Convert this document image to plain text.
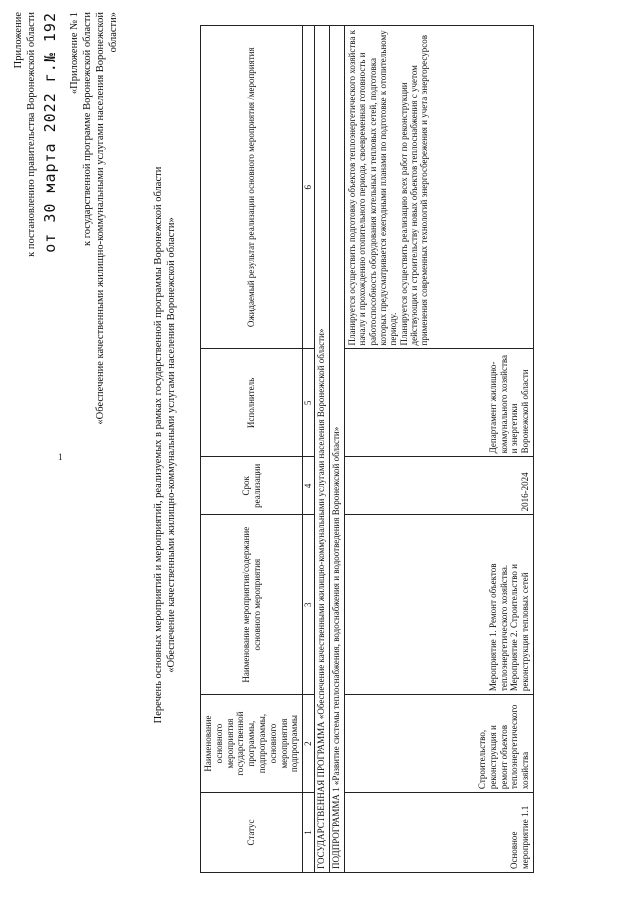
1
Приложение к постановлению правительства Воронежской области от 30 марта 2022 г.№ 192 «Приложение № 1 к государственной программе Воронежской области «Обеспечение качественными жилищно-коммунальными услугами населения Воронежской области»
Перечень основных мероприятий и мероприятий, реализуемых в рамках государственной программы Воронежской области «Обеспечение качественными жилищно-коммунальными услугами населения Воронежской области»
Статус	Наименование основного мероприятия государственной программы, подпрограммы, основного мероприятия подпрограммы	Наименование мероприятия/содержание основного мероприятия	Срок реализации	Исполнитель	Ожидаемый результат реализации основного мероприятия /мероприятия
1	2	3	4	5	6
ГОСУДАРСТВЕННАЯ ПРОГРАММА «Обеспечение качественными жилищно-коммунальными услугами населения Воронежской области»					
ПОДПРОГРАММА 1 «Развитие системы теплоснабжения, водоснабжения и водоотведения Воронежской области»					
Основное мероприятие 1.1	Строительство, реконструкция и ремонт объектов теплоэнергетического хозяйства	Мероприятие 1. Ремонт объектов теплоэнергетического хозяйства. Мероприятие 2. Строительство и реконструкция тепловых сетей	2016-2024	Департамент жилищно-коммунального хозяйства и энергетики Воронежской области	Планируется осуществить подготовку объектов теплоэнергетического хозяйства к началу и прохождению отопительного периода, своевременная готовность и работоспособность оборудования котельных и тепловых сетей, подготовка которых предусматривается ежегодными планами по подготовке к отопительному периоду. Планируется осуществить реализацию всех работ по реконструкции действующих и строительству новых объектов теплоснабжения с учетом применения современных технологий энергосбережения и учета энергоресурсов
